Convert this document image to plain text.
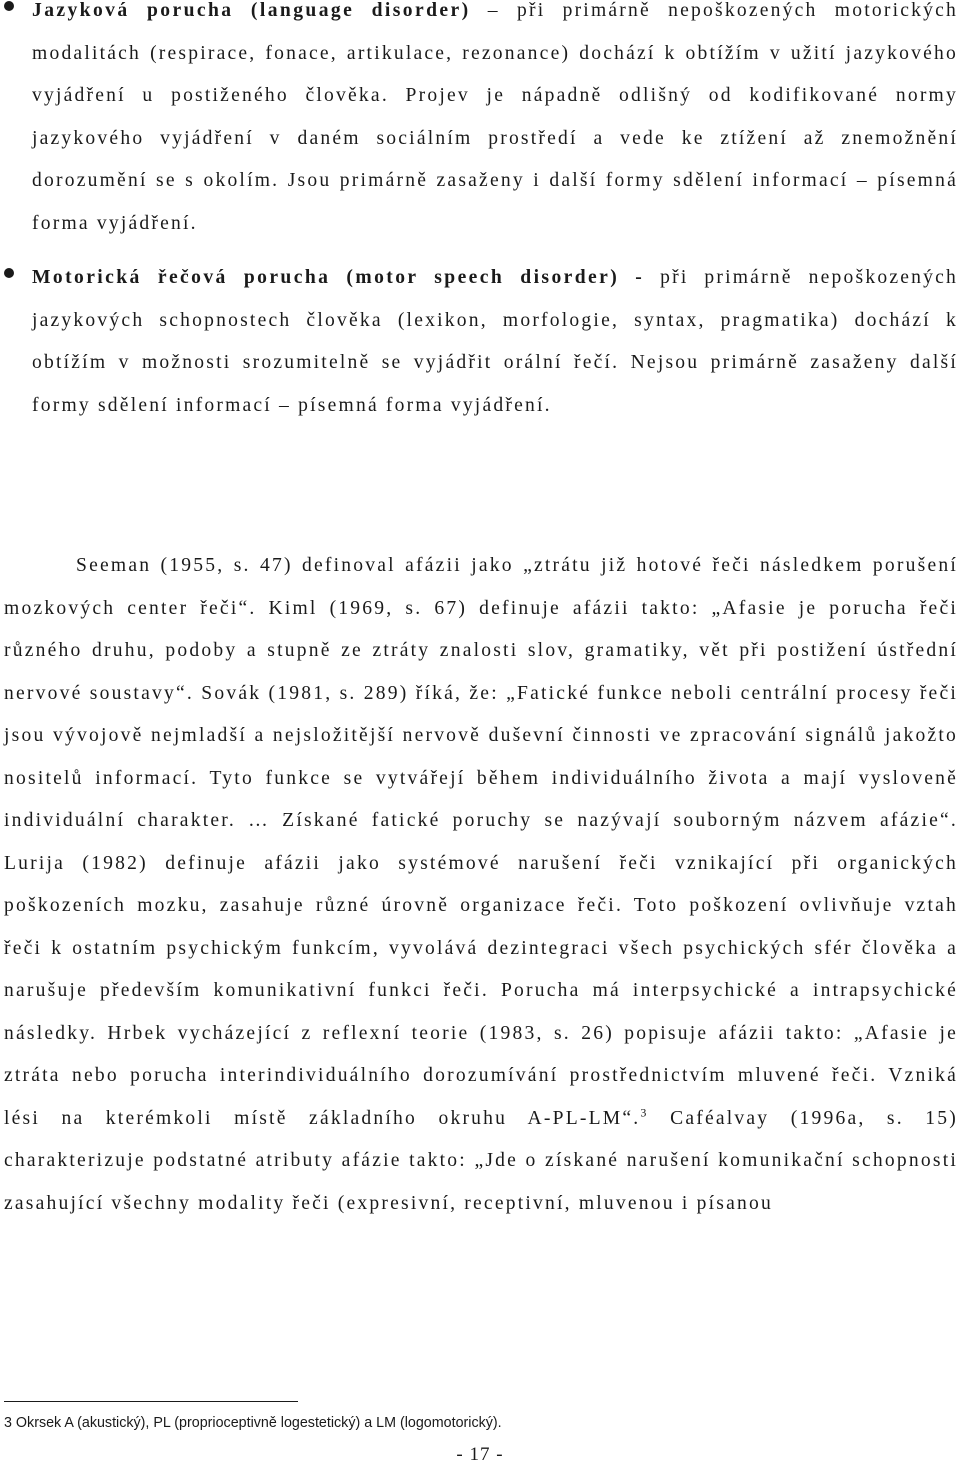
Jazyková porucha (language disorder) – při primárně nepoškozených motorických modalitách (respirace, fonace, artikulace, rezonance) dochází k obtížím v užití jazykového vyjádření u postiženého člověka. Projev je nápadně odlišný od kodifikované normy jazykového vyjádření v daném sociálním prostředí a vede ke ztížení až znemožnění dorozumění se s okolím. Jsou primárně zasaženy i další formy sdělení informací – písemná forma vyjádření.
Motorická řečová porucha (motor speech disorder) - při primárně nepoškozených jazykových schopnostech člověka (lexikon, morfologie, syntax, pragmatika) dochází k obtížím v možnosti srozumitelně se vyjádřit orální řečí. Nejsou primárně zasaženy další formy sdělení informací – písemná forma vyjádření.

Seeman (1955, s. 47) definoval afázii jako „ztrátu již hotové řeči následkem porušení mozkových center řeči“. Kiml (1969, s. 67) definuje afázii takto: „Afasie je porucha řeči různého druhu, podoby a stupně ze ztráty znalosti slov, gramatiky, vět při postižení ústřední nervové soustavy“. Sovák (1981, s. 289) říká, že: „Fatické funkce neboli centrální procesy řeči jsou vývojově nejmladší a nejsložitější nervově duševní činnosti ve zpracování signálů jakožto nositelů informací. Tyto funkce se vytvářejí během individuálního života a mají vysloveně individuální charakter. … Získané fatické poruchy se nazývají souborným názvem afázie“. Lurija (1982) definuje afázii jako systémové narušení řeči vznikající při organických poškozeních mozku, zasahuje různé úrovně organizace řeči. Toto poškození ovlivňuje vztah řeči k ostatním psychickým funkcím, vyvolává dezintegraci všech psychických sfér člověka a narušuje především komunikativní funkci řeči. Porucha má interpsychické a intrapsychické následky. Hrbek vycházející z reflexní teorie (1983, s. 26) popisuje afázii takto: „Afasie je ztráta nebo porucha interindividuálního dorozumívání prostřednictvím mluvené řeči. Vzniká lési na kterémkoli místě základního okruhu A-PL-LM“.$^3$ Caféalvay (1996a, s. 15) charakterizuje podstatné atributy afázie takto: „Jde o získané narušení komunikační schopnosti zasahující všechny modality řeči (expresivní, receptivní, mluvenou i písanou

3 Okrsek A (akustický), PL (proprioceptivně logestetický) a LM (logomotorický).
- 17 -
